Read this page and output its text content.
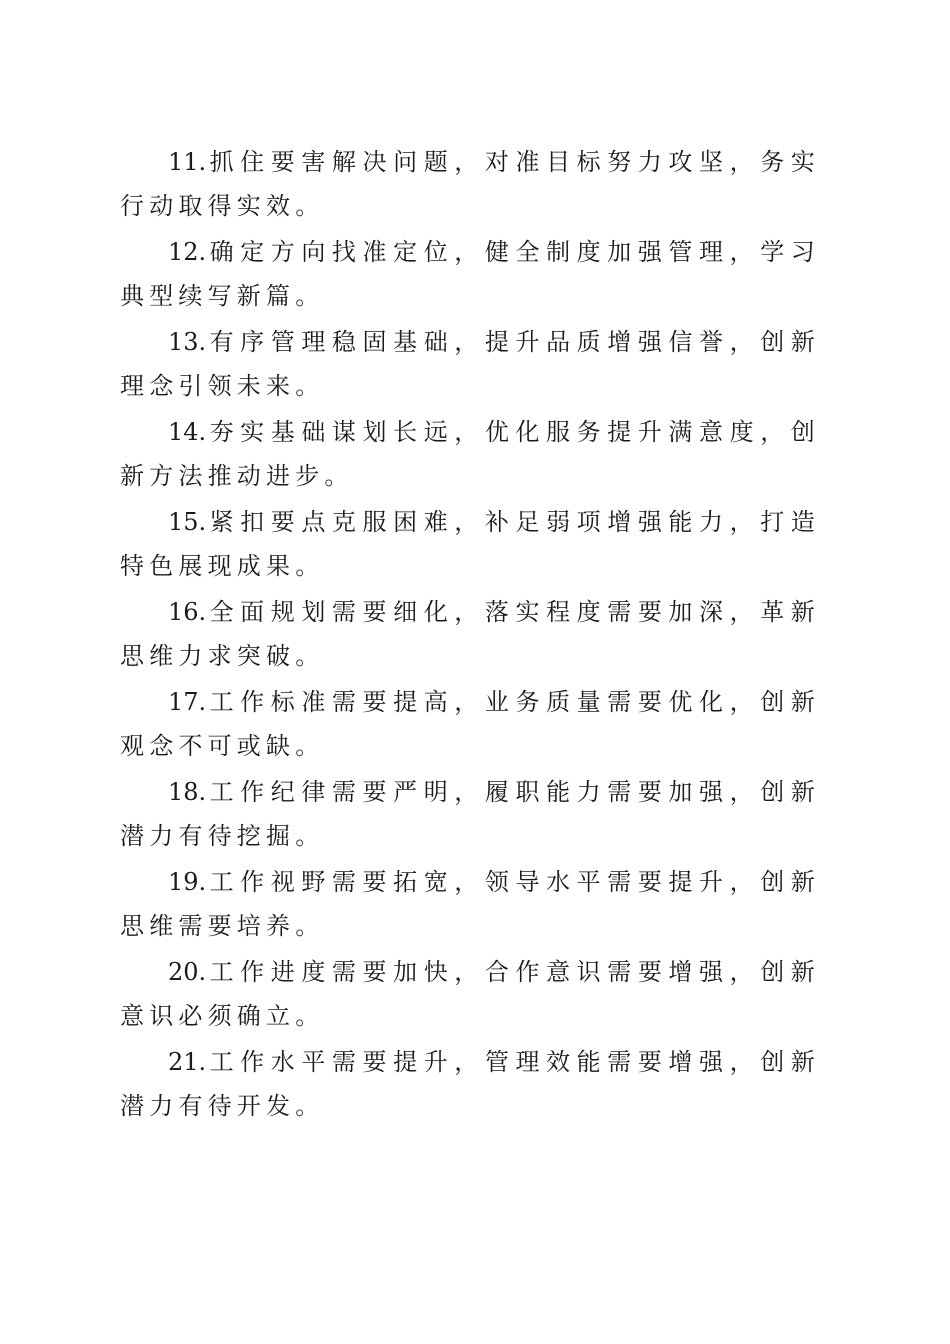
11.抓住要害解决问题，对准目标努力攻坚，务实行动取得实效。

12.确定方向找准定位，健全制度加强管理，学习典型续写新篇。

13.有序管理稳固基础，提升品质增强信誉，创新理念引领未来。

14.夯实基础谋划长远，优化服务提升满意度，创新方法推动进步。

15.紧扣要点克服困难，补足弱项增强能力，打造特色展现成果。

16.全面规划需要细化，落实程度需要加深，革新思维力求突破。

17.工作标准需要提高，业务质量需要优化，创新观念不可或缺。

18.工作纪律需要严明，履职能力需要加强，创新潜力有待挖掘。

19.工作视野需要拓宽，领导水平需要提升，创新思维需要培养。

20.工作进度需要加快，合作意识需要增强，创新意识必须确立。

21.工作水平需要提升，管理效能需要增强，创新潜力有待开发。
